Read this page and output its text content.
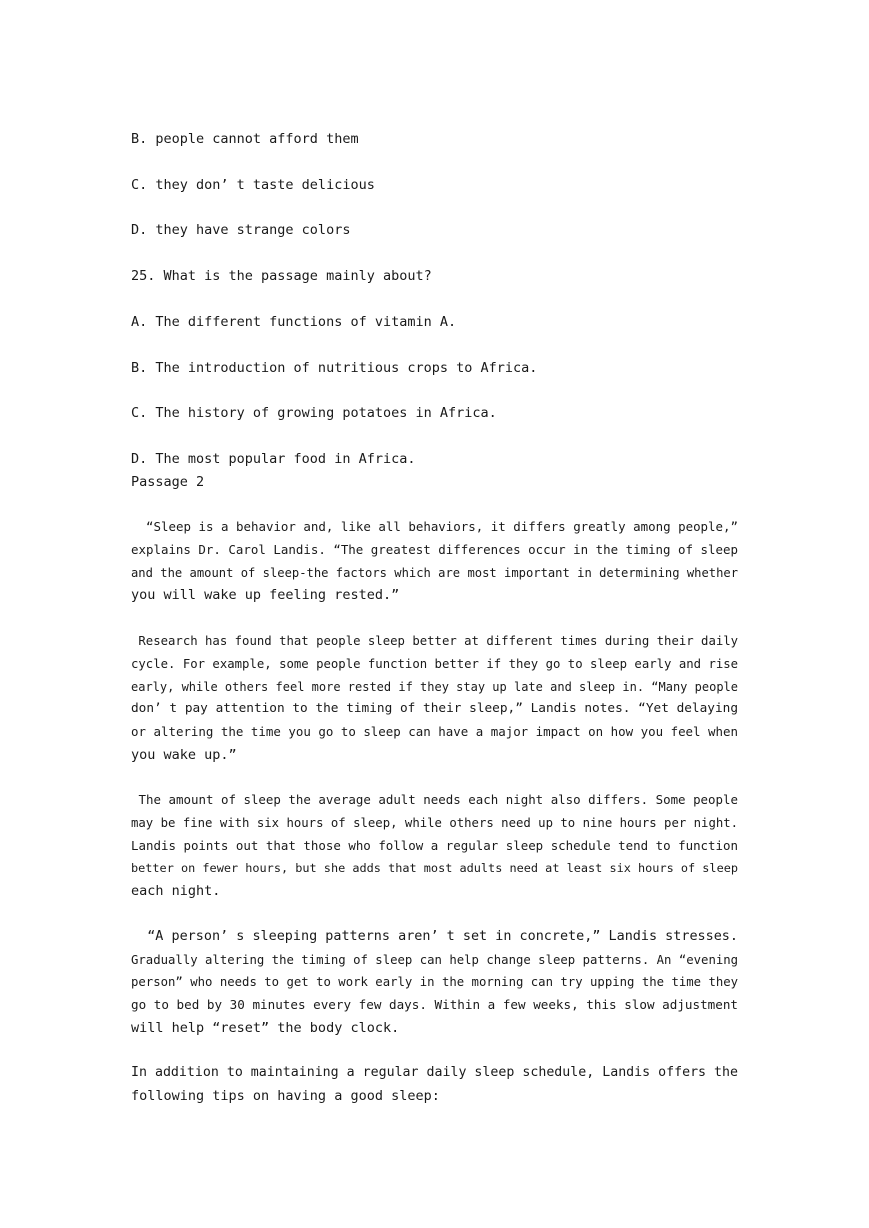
B. people cannot afford them

C. they don’ t taste delicious

D. they have strange colors

25. What is the passage mainly about?

A. The different functions of vitamin A.

B. The introduction of nutritious crops to Africa.

C. The history of growing potatoes in Africa.

D. The most popular food in Africa.

Passage 2

“Sleep is a behavior and, like all behaviors, it differs greatly among people,”
explains Dr. Carol Landis. “The greatest differences occur in the timing of sleep
and the amount of sleep-the factors which are most important in determining whether
you will wake up feeling rested.”
Research has found that people sleep better at different times during their daily
cycle. For example, some people function better if they go to sleep early and rise
early, while others feel more rested if they stay up late and sleep in. “Many people
don’ t pay attention to the timing of their sleep,” Landis notes. “Yet delaying
or altering the time you go to sleep can have a major impact on how you feel when
you wake up.”
The amount of sleep the average adult needs each night also differs. Some people
may be fine with six hours of sleep, while others need up to nine hours per night.
Landis points out that those who follow a regular sleep schedule tend to function
better on fewer hours, but she adds that most adults need at least six hours of sleep
each night.
“A person’ s sleeping patterns aren’ t set in concrete,” Landis stresses.
Gradually altering the timing of sleep can help change sleep patterns. An “evening
person” who needs to get to work early in the morning can try upping the time they
go to bed by 30 minutes every few days. Within a few weeks, this slow adjustment
will help “reset” the body clock.
In addition to maintaining a regular daily sleep schedule, Landis offers the
following tips on having a good sleep:
